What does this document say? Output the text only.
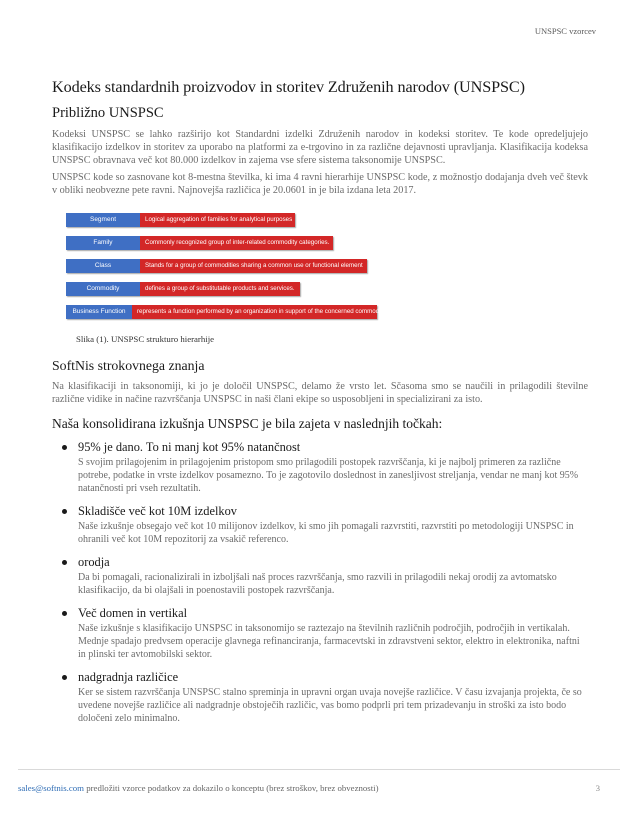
UNSPSC vzorcev
Kodeks standardnih proizvodov in storitev Združenih narodov (UNSPSC)
Približno UNSPSC

Kodeksi UNSPSC se lahko razširijo kot Standardni izdelki Združenih narodov in kodeksi storitev. Te kode opredeljujejo klasifikacijo izdelkov in storitev za uporabo na platformi za e-trgovino in za različne dejavnosti upravljanja. Klasifikacija kodeksa UNSPSC obravnava več kot 80.000 izdelkov in zajema vse sfere sistema taksonomije UNSPSC.

UNSPSC kode so zasnovane kot 8-mestna številka, ki ima 4 ravni hierarhije UNSPSC kode, z možnostjo dodajanja dveh več števk v obliki neobvezne pete ravni. Najnovejša različica je 20.0601 in je bila izdana leta 2017.

Segment	Logical aggregation of families for analytical purposes
Family	Commonly recognized group of inter-related commodity categories.
Class	Stands for a group of commodities sharing a common use or functional element
Commodity	defines a group of substitutable products and services.
Business Function	represents a function performed by an organization in support of the concerned commodity.
Slika (1). UNSPSC strukturo hierarhije
SoftNis strokovnega znanja

Na klasifikaciji in taksonomiji, ki jo je določil UNSPSC, delamo že vrsto let. Sčasoma smo se naučili in prilagodili številne različne vidike in načine razvrščanja UNSPSC in naši člani ekipe so usposobljeni in specializirani za isto.

Naša konsolidirana izkušnja UNSPSC je bila zajeta v naslednjih točkah:
95% je dano. To ni manj kot 95% natančnost

S svojim prilagojenim in prilagojenim pristopom smo prilagodili postopek razvrščanja, ki je najbolj primeren za različne potrebe, podatke in vrste izdelkov posamezno. To je zagotovilo doslednost in zanesljivost streljanja, vendar ne manj kot 95% natančnosti pri vseh rezultatih.

Skladišče več kot 10M izdelkov

Naše izkušnje obsegajo več kot 10 milijonov izdelkov, ki smo jih pomagali razvrstiti, razvrstiti po metodologiji UNSPSC in ohranili več kot 10M repozitorij za vsakič referenco.

orodja

Da bi pomagali, racionalizirali in izboljšali naš proces razvrščanja, smo razvili in prilagodili nekaj orodij za avtomatsko klasifikacijo, da bi olajšali in poenostavili postopek razvrščanja.

Več domen in vertikal

Naše izkušnje s klasifikacijo UNSPSC in taksonomijo se raztezajo na številnih različnih področjih, področjih in vertikalah. Mednje spadajo predvsem operacije glavnega refinanciranja, farmacevtski in zdravstveni sektor, elektro in elektronika, naftni in plinski ter avtomobilski sektor.

nadgradnja različice

Ker se sistem razvrščanja UNSPSC stalno spreminja in upravni organ uvaja novejše različice. V času izvajanja projekta, če so uvedene novejše različice ali nadgradnje obstoječih različic, vas bomo podprli pri tem prizadevanju in stroški za isto bodo določeni zelo minimalno.

sales@softnis.com predložiti vzorce podatkov za dokazilo o konceptu (brez stroškov, brez obveznosti)	3
